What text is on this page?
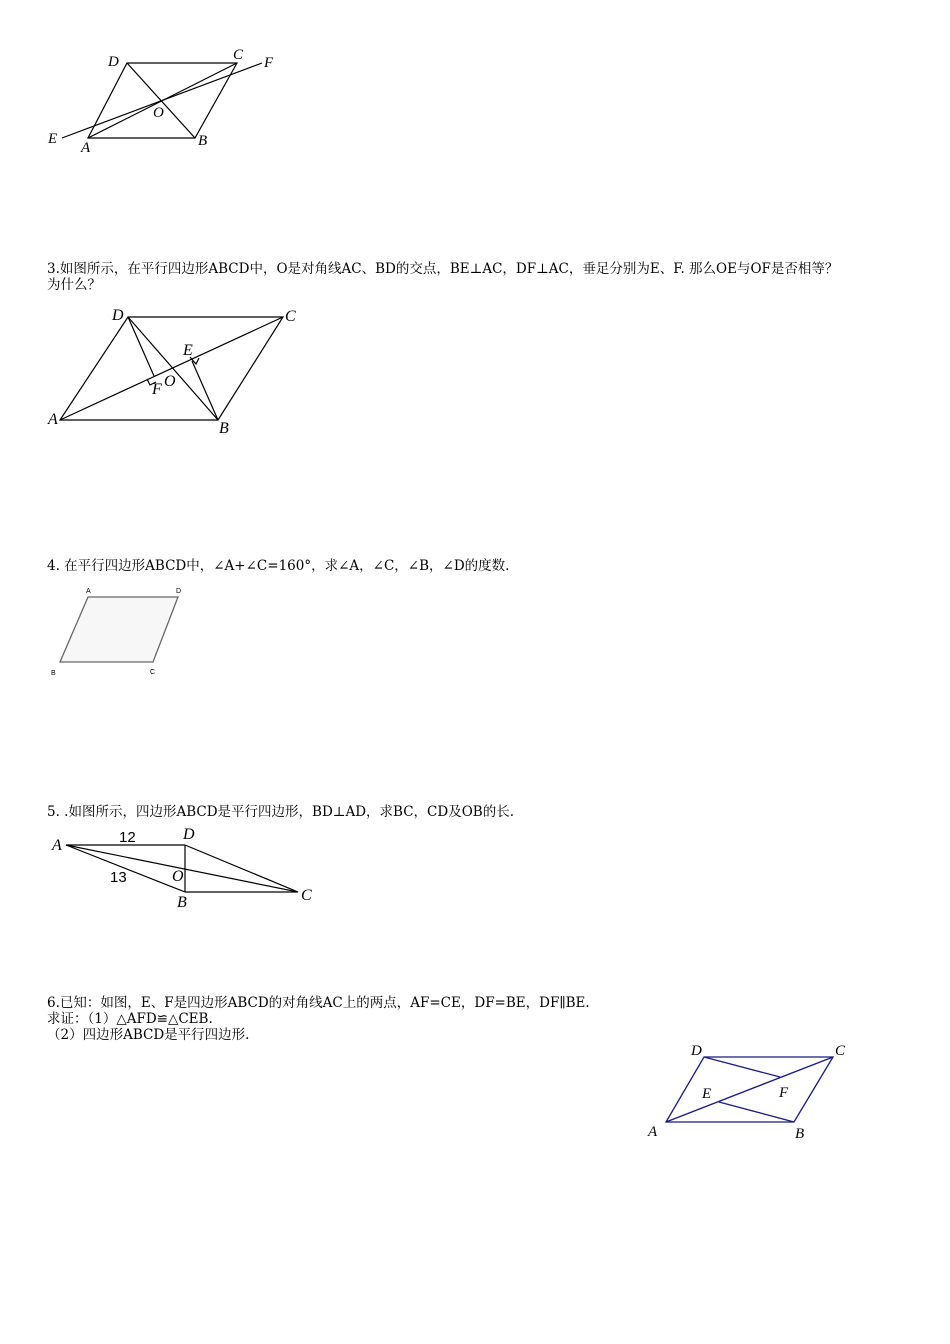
D	C F
O
E
A	B
3.如图所示，在平行四边形ABCD中，O是对角线AC、BD的交点，BE⊥AC，DF⊥AC，垂足分别为E、F. 那么OE与OF是否相等？
为什么？
D	C
E
F O
A
B
4. 在平行四边形ABCD中，∠A+∠C=160°，求∠A，∠C，∠B，∠D的度数.
A	D
B	C
5. .如图所示，四边形ABCD是平行四边形，BD⊥AD，求BC，CD及OB的长.
A
D
O
B	C
12
13
6.已知：如图，E、F是四边形ABCD的对角线AC上的两点，AF=CE，DF=BE，DF∥BE.
求证：（1）△AFD≌△CEB.
（2）四边形ABCD是平行四边形.
D	C
E	F
A	B
